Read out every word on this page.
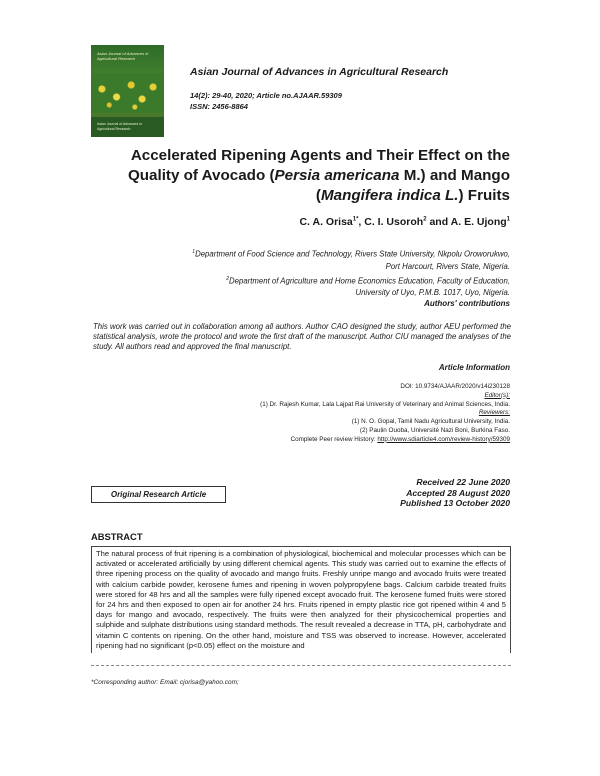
Asian Journal of Advances in Agricultural Research
Asian Journal of Advances in Agricultural Research
Asian Journal of Advances in Agricultural Research
14(2): 29-40, 2020; Article no.AJAAR.59309
ISSN: 2456-8864
Accelerated Ripening Agents and Their Effect on the Quality of Avocado (Persia americana M.) and Mango (Mangifera indica L.) Fruits
C. A. Orisa$^{1*}$, C. I. Usoroh$^2$ and A. E. Ujong$^1$
$^1$Department of Food Science and Technology, Rivers State University, Nkpolu Oroworukwo,
Port Harcourt, Rivers State, Nigeria.
$^2$Department of Agriculture and Home Economics Education, Faculty of Education,
University of Uyo, P.M.B. 1017, Uyo, Nigeria.
Authors' contributions
This work was carried out in collaboration among all authors. Author CAO designed the study, author AEU performed the statistical analysis, wrote the protocol and wrote the first draft of the manuscript. Author CIU managed the analyses of the study. All authors read and approved the final manuscript.
Article Information
DOI: 10.9734/AJAAR/2020/v14i230128
Editor(s):
(1) Dr. Rajesh Kumar, Lala Lajpat Rai University of Veterinary and Animal Sciences, India.
Reviewers:
(1) N. O. Gopal, Tamil Nadu Agricultural University, India.
(2) Paulin Ouoba, Université Nazi Boni, Burkina Faso.
Complete Peer review History: http://www.sdiarticle4.com/review-history/59309
Received 22 June 2020
Accepted 28 August 2020
Published 13 October 2020
Original Research Article
ABSTRACT
The natural process of fruit ripening is a combination of physiological, biochemical and molecular processes which can be activated or accelerated artificially by using different chemical agents. This study was carried out to examine the effects of three ripening process on the quality of avocado and mango fruits. Freshly unripe mango and avocado fruits were treated with calcium carbide powder, kerosene fumes and ripening in woven polypropylene bags. Calcium carbide treated fruits were stored for 48 hrs and all the samples were fully ripened except avocado fruit. The kerosene fumed fruits were stored for 24 hrs and then exposed to open air for another 24 hrs. Fruits ripened in empty plastic rice got ripened within 4 and 5 days for mango and avocado, respectively. The fruits were then analyzed for their physicochemical properties and sulphide and sulphate distributions using standard methods. The result revealed a decrease in TTA, pH, carbohydrate and vitamin C contents on ripening. On the other hand, moisture and TSS was observed to increase. However, accelerated ripening had no significant (p<0.05) effect on the moisture and
*Corresponding author: Email: cjorisa@yahoo.com;
